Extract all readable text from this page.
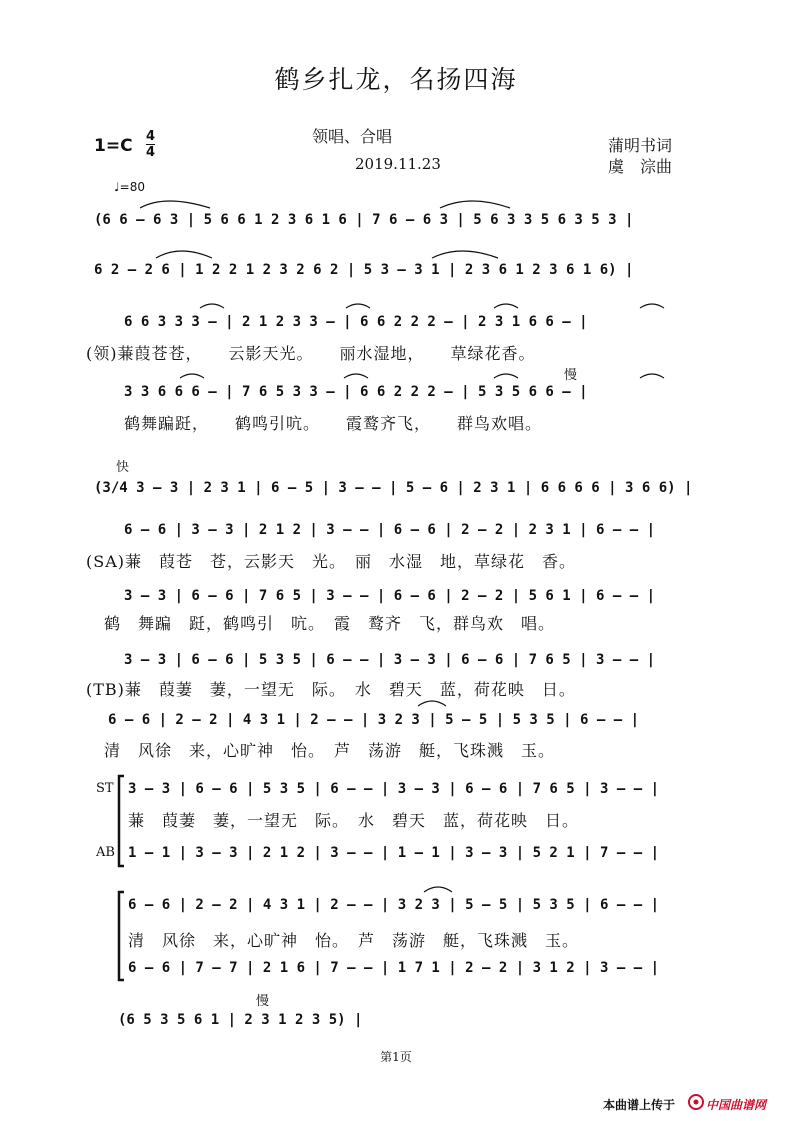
鹤乡扎龙，名扬四海
1=C 4
4
领唱、合唱
2019.11.23
蒲明书词
虞　淙曲
♩=80
(6 6 – 6 3 | 5 6 6 1 2 3 6 1 6 | 7 6 – 6 3 | 5 6 3 3 5 6 3 5 3 |
6 2 – 2 6 | 1 2 2 1 2 3 2 6 2 | 5 3 – 3 1 | 2 3 6 1 2 3 6 1 6) |
6 6 3 3 3 – | 2 1 2 3 3 – | 6 6 2 2 2 – | 2 3 1 6 6 – |
(领)蒹葭苍苍，　　云影天光。　　丽水湿地，　　草绿花香。
慢
3 3 6 6 6 – | 7 6 5 3 3 – | 6 6 2 2 2 – | 5 3 5 6 6 – |
鹤舞蹁跹，　　鹤鸣引吭。　　霞鹜齐飞，　　群鸟欢唱。
快
(3/4 3 – 3 | 2 3 1 | 6 – 5 | 3 – – | 5 – 6 | 2 3 1 | 6 6 6 6 | 3 6 6) |
6 – 6 | 3 – 3 | 2 1 2 | 3 – – | 6 – 6 | 2 – 2 | 2 3 1 | 6 – – |
(SA)蒹　葭苍　苍，云影天　光。　丽　水湿　地，草绿花　香。
3 – 3 | 6 – 6 | 7 6 5 | 3 – – | 6 – 6 | 2 – 2 | 5 6 1 | 6 – – |
鹤　舞蹁　跹，鹤鸣引　吭。　霞　鹜齐　飞，群鸟欢　唱。
3 – 3 | 6 – 6 | 5 3 5 | 6 – – | 3 – 3 | 6 – 6 | 7 6 5 | 3 – – |
(TB)蒹　葭萋　萋，一望无　际。　水　碧天　蓝，荷花映　日。
6 – 6 | 2 – 2 | 4 3 1 | 2 – – | 3 2 3 | 5 – 5 | 5 3 5 | 6 – – |
清　风徐　来，心旷神　怡。　芦　荡游　艇，飞珠溅　玉。
ST 3 – 3 | 6 – 6 | 5 3 5 | 6 – – | 3 – 3 | 6 – 6 | 7 6 5 | 3 – – |
蒹　葭萋　萋，一望无　际。　水　碧天　蓝，荷花映　日。
AB 1 – 1 | 3 – 3 | 2 1 2 | 3 – – | 1 – 1 | 3 – 3 | 5 2 1 | 7 – – |
6 – 6 | 2 – 2 | 4 3 1 | 2 – – | 3 2 3 | 5 – 5 | 5 3 5 | 6 – – |
清　风徐　来，心旷神　怡。　芦　荡游　艇，飞珠溅　玉。
6 – 6 | 7 – 7 | 2 1 6 | 7 – – | 1 7 1 | 2 – 2 | 3 1 2 | 3 – – |
慢
(6 5 3 5 6 1 | 2 3 1 2 3 5) |
第1页
本曲谱上传于	中国曲谱网
